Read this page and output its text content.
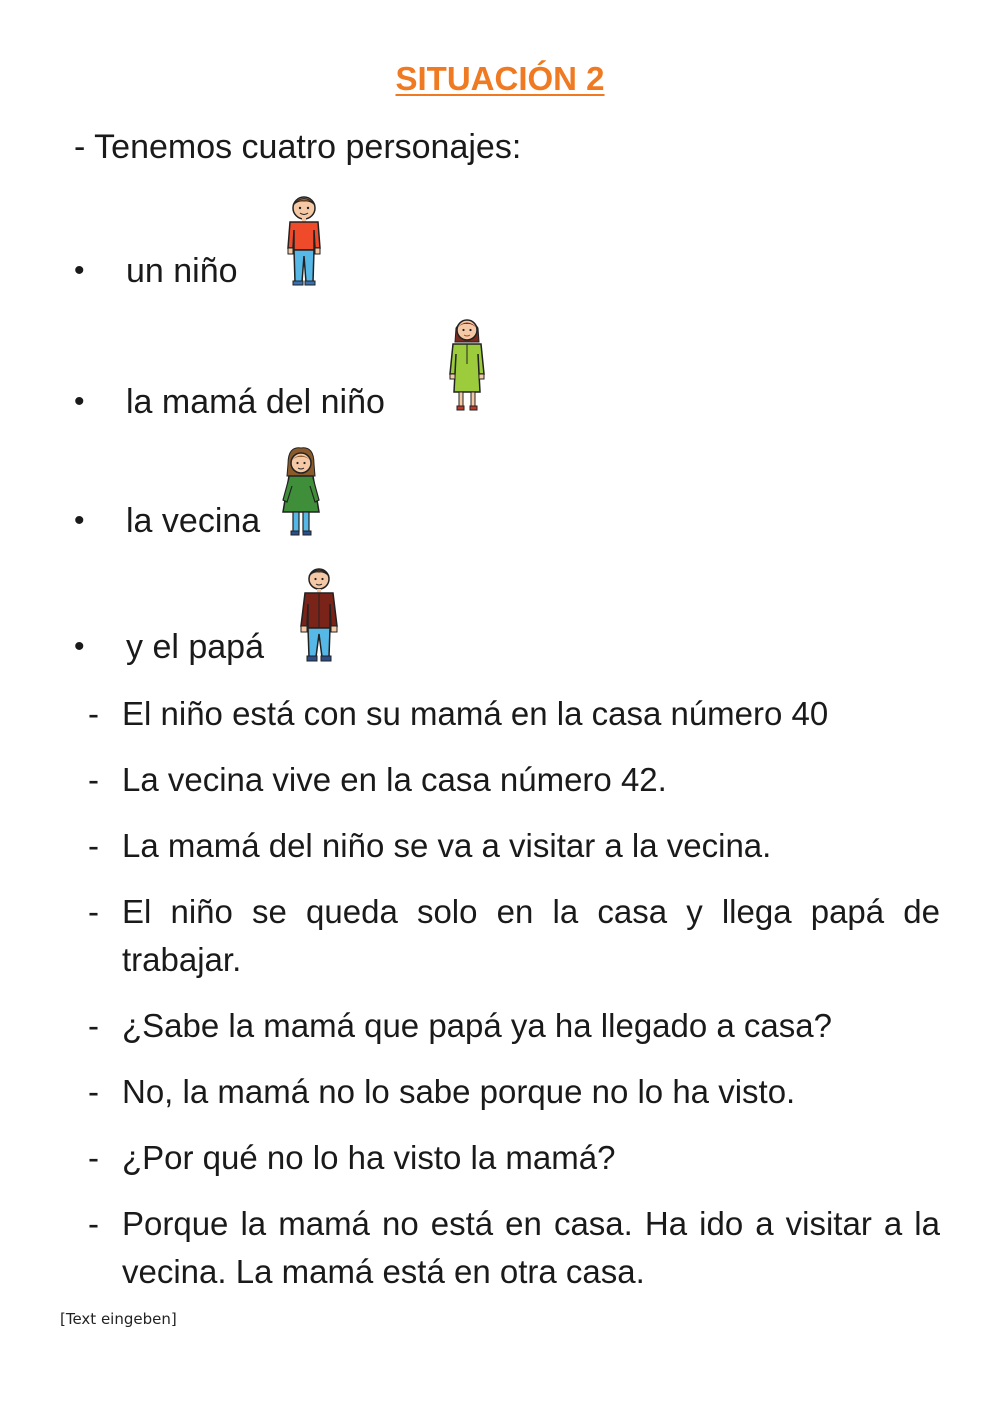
SITUACIÓN 2
- Tenemos cuatro personajes:
• un niño
• la mamá del niño
• la vecina
• y el papá
- El niño está con su mamá en la casa número 40
- La vecina vive en la casa número 42.
- La mamá del niño se va a visitar a la vecina.
- El niño se queda solo en la casa y llega papá de trabajar.
- ¿Sabe la mamá que papá ya ha llegado a casa?
- No, la mamá no lo sabe porque no lo ha visto.
- ¿Por qué no lo ha visto la mamá?
- Porque la mamá no está en casa. Ha ido a visitar a la vecina. La mamá está en otra casa.
[Text eingeben]
